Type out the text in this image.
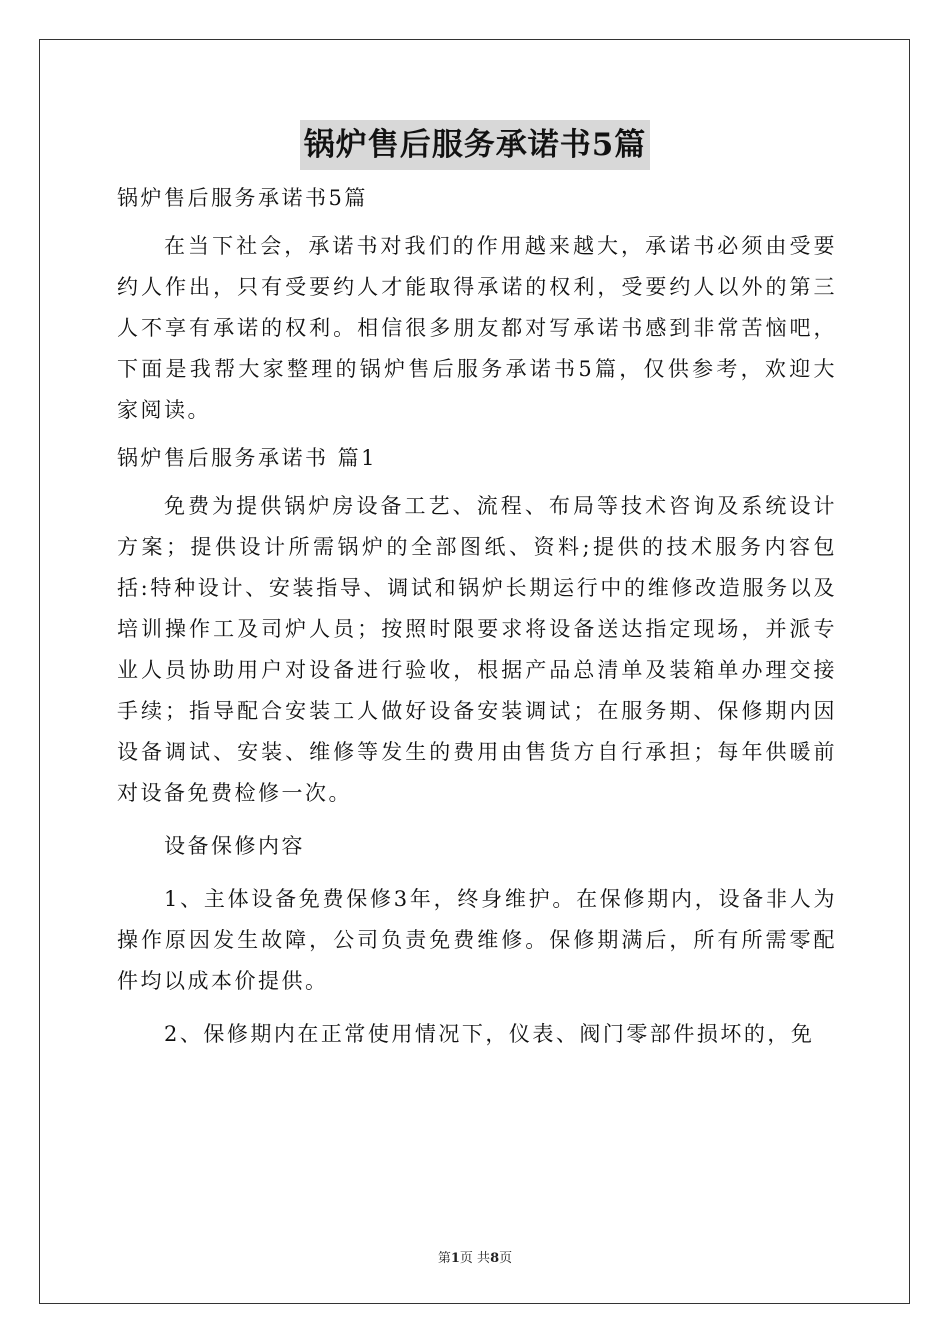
锅炉售后服务承诺书5篇

锅炉售后服务承诺书5篇

在当下社会，承诺书对我们的作用越来越大，承诺书必须由受要约人作出，只有受要约人才能取得承诺的权利，受要约人以外的第三人不享有承诺的权利。相信很多朋友都对写承诺书感到非常苦恼吧，下面是我帮大家整理的锅炉售后服务承诺书5篇，仅供参考，欢迎大家阅读。

锅炉售后服务承诺书 篇1

免费为提供锅炉房设备工艺、流程、布局等技术咨询及系统设计方案；提供设计所需锅炉的全部图纸、资料;提供的技术服务内容包括:特种设计、安装指导、调试和锅炉长期运行中的维修改造服务以及培训操作工及司炉人员；按照时限要求将设备送达指定现场，并派专业人员协助用户对设备进行验收，根据产品总清单及装箱单办理交接手续；指导配合安装工人做好设备安装调试；在服务期、保修期内因设备调试、安装、维修等发生的费用由售货方自行承担；每年供暖前对设备免费检修一次。

设备保修内容

1、主体设备免费保修3年，终身维护。在保修期内，设备非人为操作原因发生故障，公司负责免费维修。保修期满后，所有所需零配件均以成本价提供。

2、保修期内在正常使用情况下，仪表、阀门零部件损坏的，免

第1页 共8页
